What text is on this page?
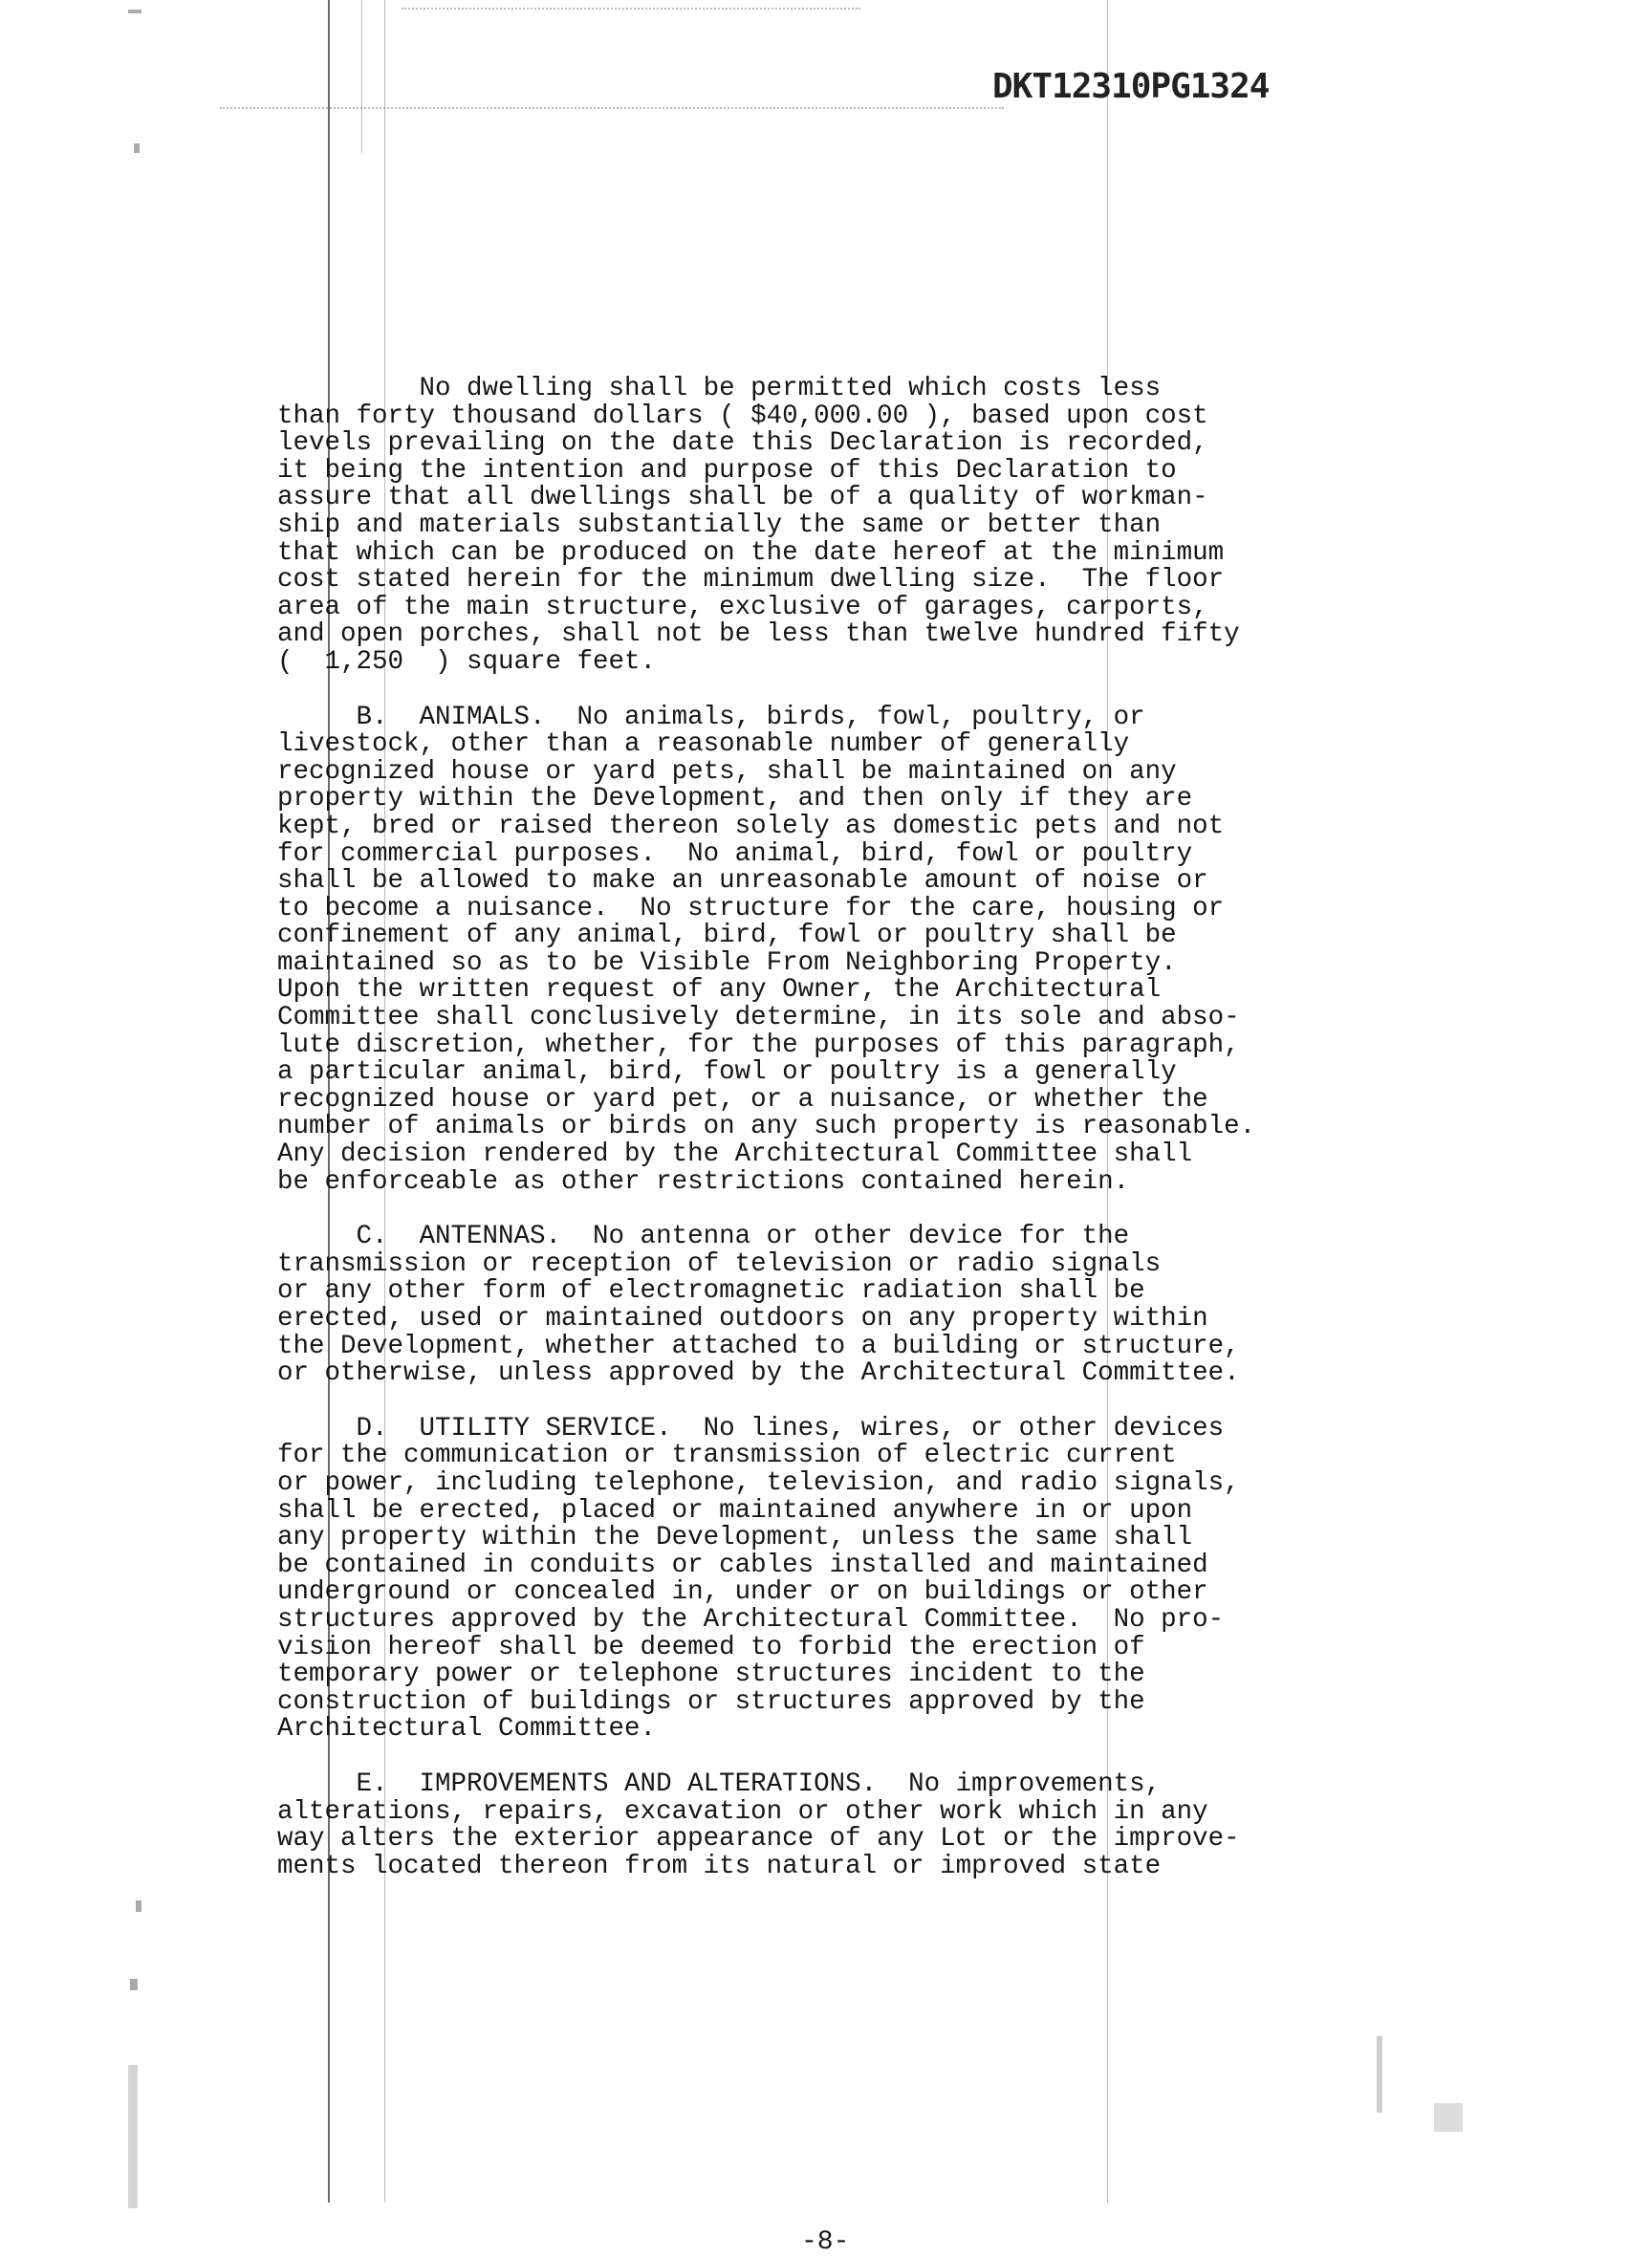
DKT12310PG1324
No dwelling shall be permitted which costs less
than forty thousand dollars ( $40,000.00 ), based upon cost
levels prevailing on the date this Declaration is recorded,
it being the intention and purpose of this Declaration to
assure that all dwellings shall be of a quality of workman-
ship and materials substantially the same or better than
that which can be produced on the date hereof at the minimum
cost stated herein for the minimum dwelling size.  The floor
area of the main structure, exclusive of garages, carports,
and open porches, shall not be less than twelve hundred fifty
(  1,250  ) square feet.
B.  ANIMALS.  No animals, birds, fowl, poultry, or
livestock, other than a reasonable number of generally
recognized house or yard pets, shall be maintained on any
property within the Development, and then only if they are
kept, bred or raised thereon solely as domestic pets and not
for commercial purposes.  No animal, bird, fowl or poultry
shall be allowed to make an unreasonable amount of noise or
to become a nuisance.  No structure for the care, housing or
confinement of any animal, bird, fowl or poultry shall be
maintained so as to be Visible From Neighboring Property.
Upon the written request of any Owner, the Architectural
Committee shall conclusively determine, in its sole and abso-
lute discretion, whether, for the purposes of this paragraph,
a particular animal, bird, fowl or poultry is a generally
recognized house or yard pet, or a nuisance, or whether the
number of animals or birds on any such property is reasonable.
Any decision rendered by the Architectural Committee shall
be enforceable as other restrictions contained herein.
C.  ANTENNAS.  No antenna or other device for the
transmission or reception of television or radio signals
or any other form of electromagnetic radiation shall be
erected, used or maintained outdoors on any property within
the Development, whether attached to a building or structure,
or otherwise, unless approved by the Architectural Committee.
D.  UTILITY SERVICE.  No lines, wires, or other devices
for the communication or transmission of electric current
or power, including telephone, television, and radio signals,
shall be erected, placed or maintained anywhere in or upon
any property within the Development, unless the same shall
be contained in conduits or cables installed and maintained
underground or concealed in, under or on buildings or other
structures approved by the Architectural Committee.  No pro-
vision hereof shall be deemed to forbid the erection of
temporary power or telephone structures incident to the
construction of buildings or structures approved by the
Architectural Committee.
E.  IMPROVEMENTS AND ALTERATIONS.  No improvements,
alterations, repairs, excavation or other work which in any
way alters the exterior appearance of any Lot or the improve-
ments located thereon from its natural or improved state
-8-
